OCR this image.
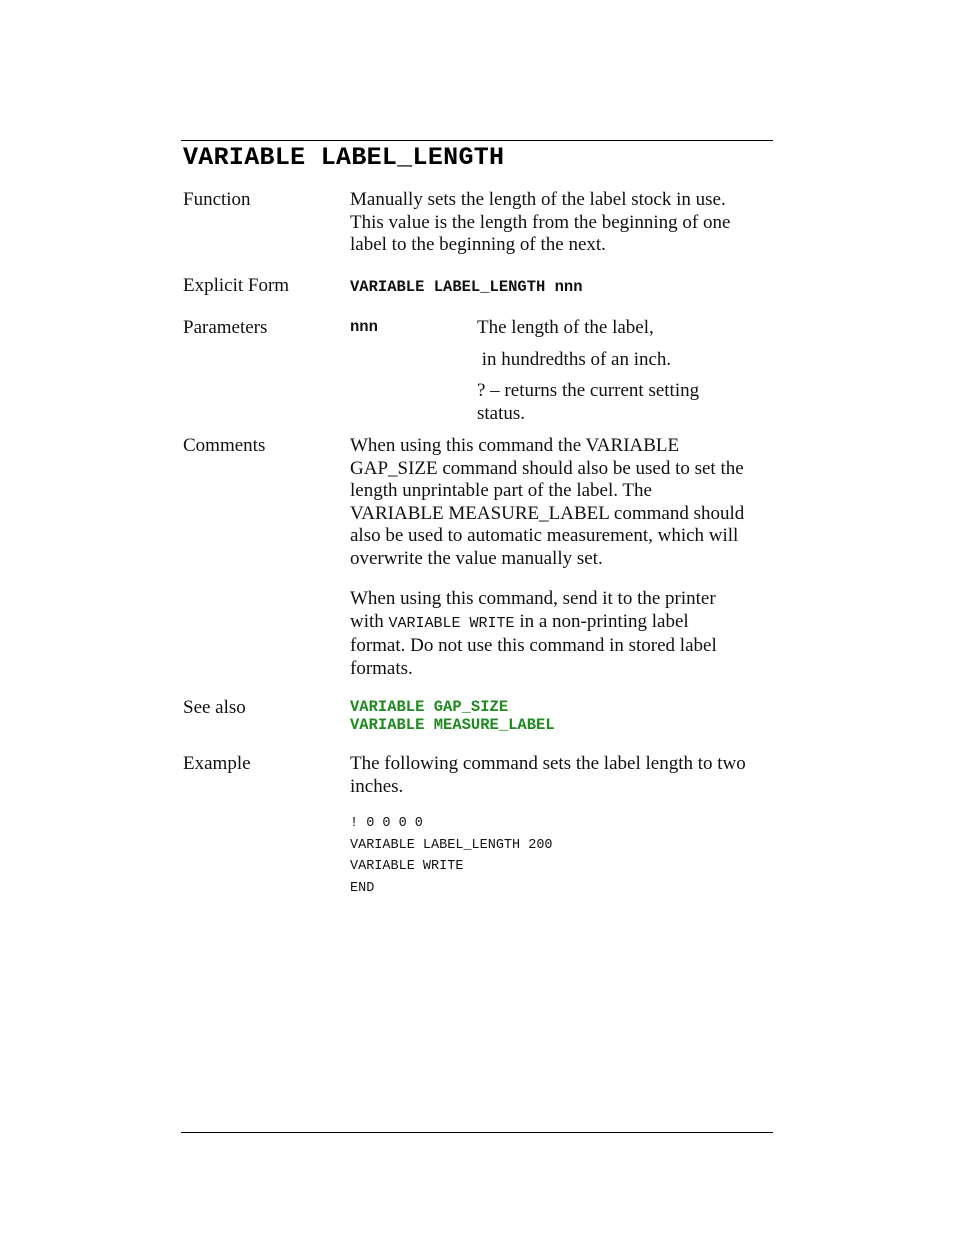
VARIABLE LABEL_LENGTH
Function	Manually sets the length of the label stock in use.
This value is the length from the beginning of one
label to the beginning of the next.
Explicit Form	VARIABLE LABEL_LENGTH nnn
Parameters	nnn	The length of the label,
in hundredths of an inch.
? – returns the current setting
status.
Comments	When using this command the VARIABLE
GAP_SIZE command should also be used to set the
length unprintable part of the label. The
VARIABLE MEASURE_LABEL command should
also be used to automatic measurement, which will
overwrite the value manually set.
When using this command, send it to the printer
with VARIABLE WRITE in a non-printing label
format. Do not use this command in stored label
formats.
See also	VARIABLE GAP_SIZE
VARIABLE MEASURE_LABEL
Example	The following command sets the label length to two
inches.
! 0 0 0 0
VARIABLE LABEL_LENGTH 200
VARIABLE WRITE
END
